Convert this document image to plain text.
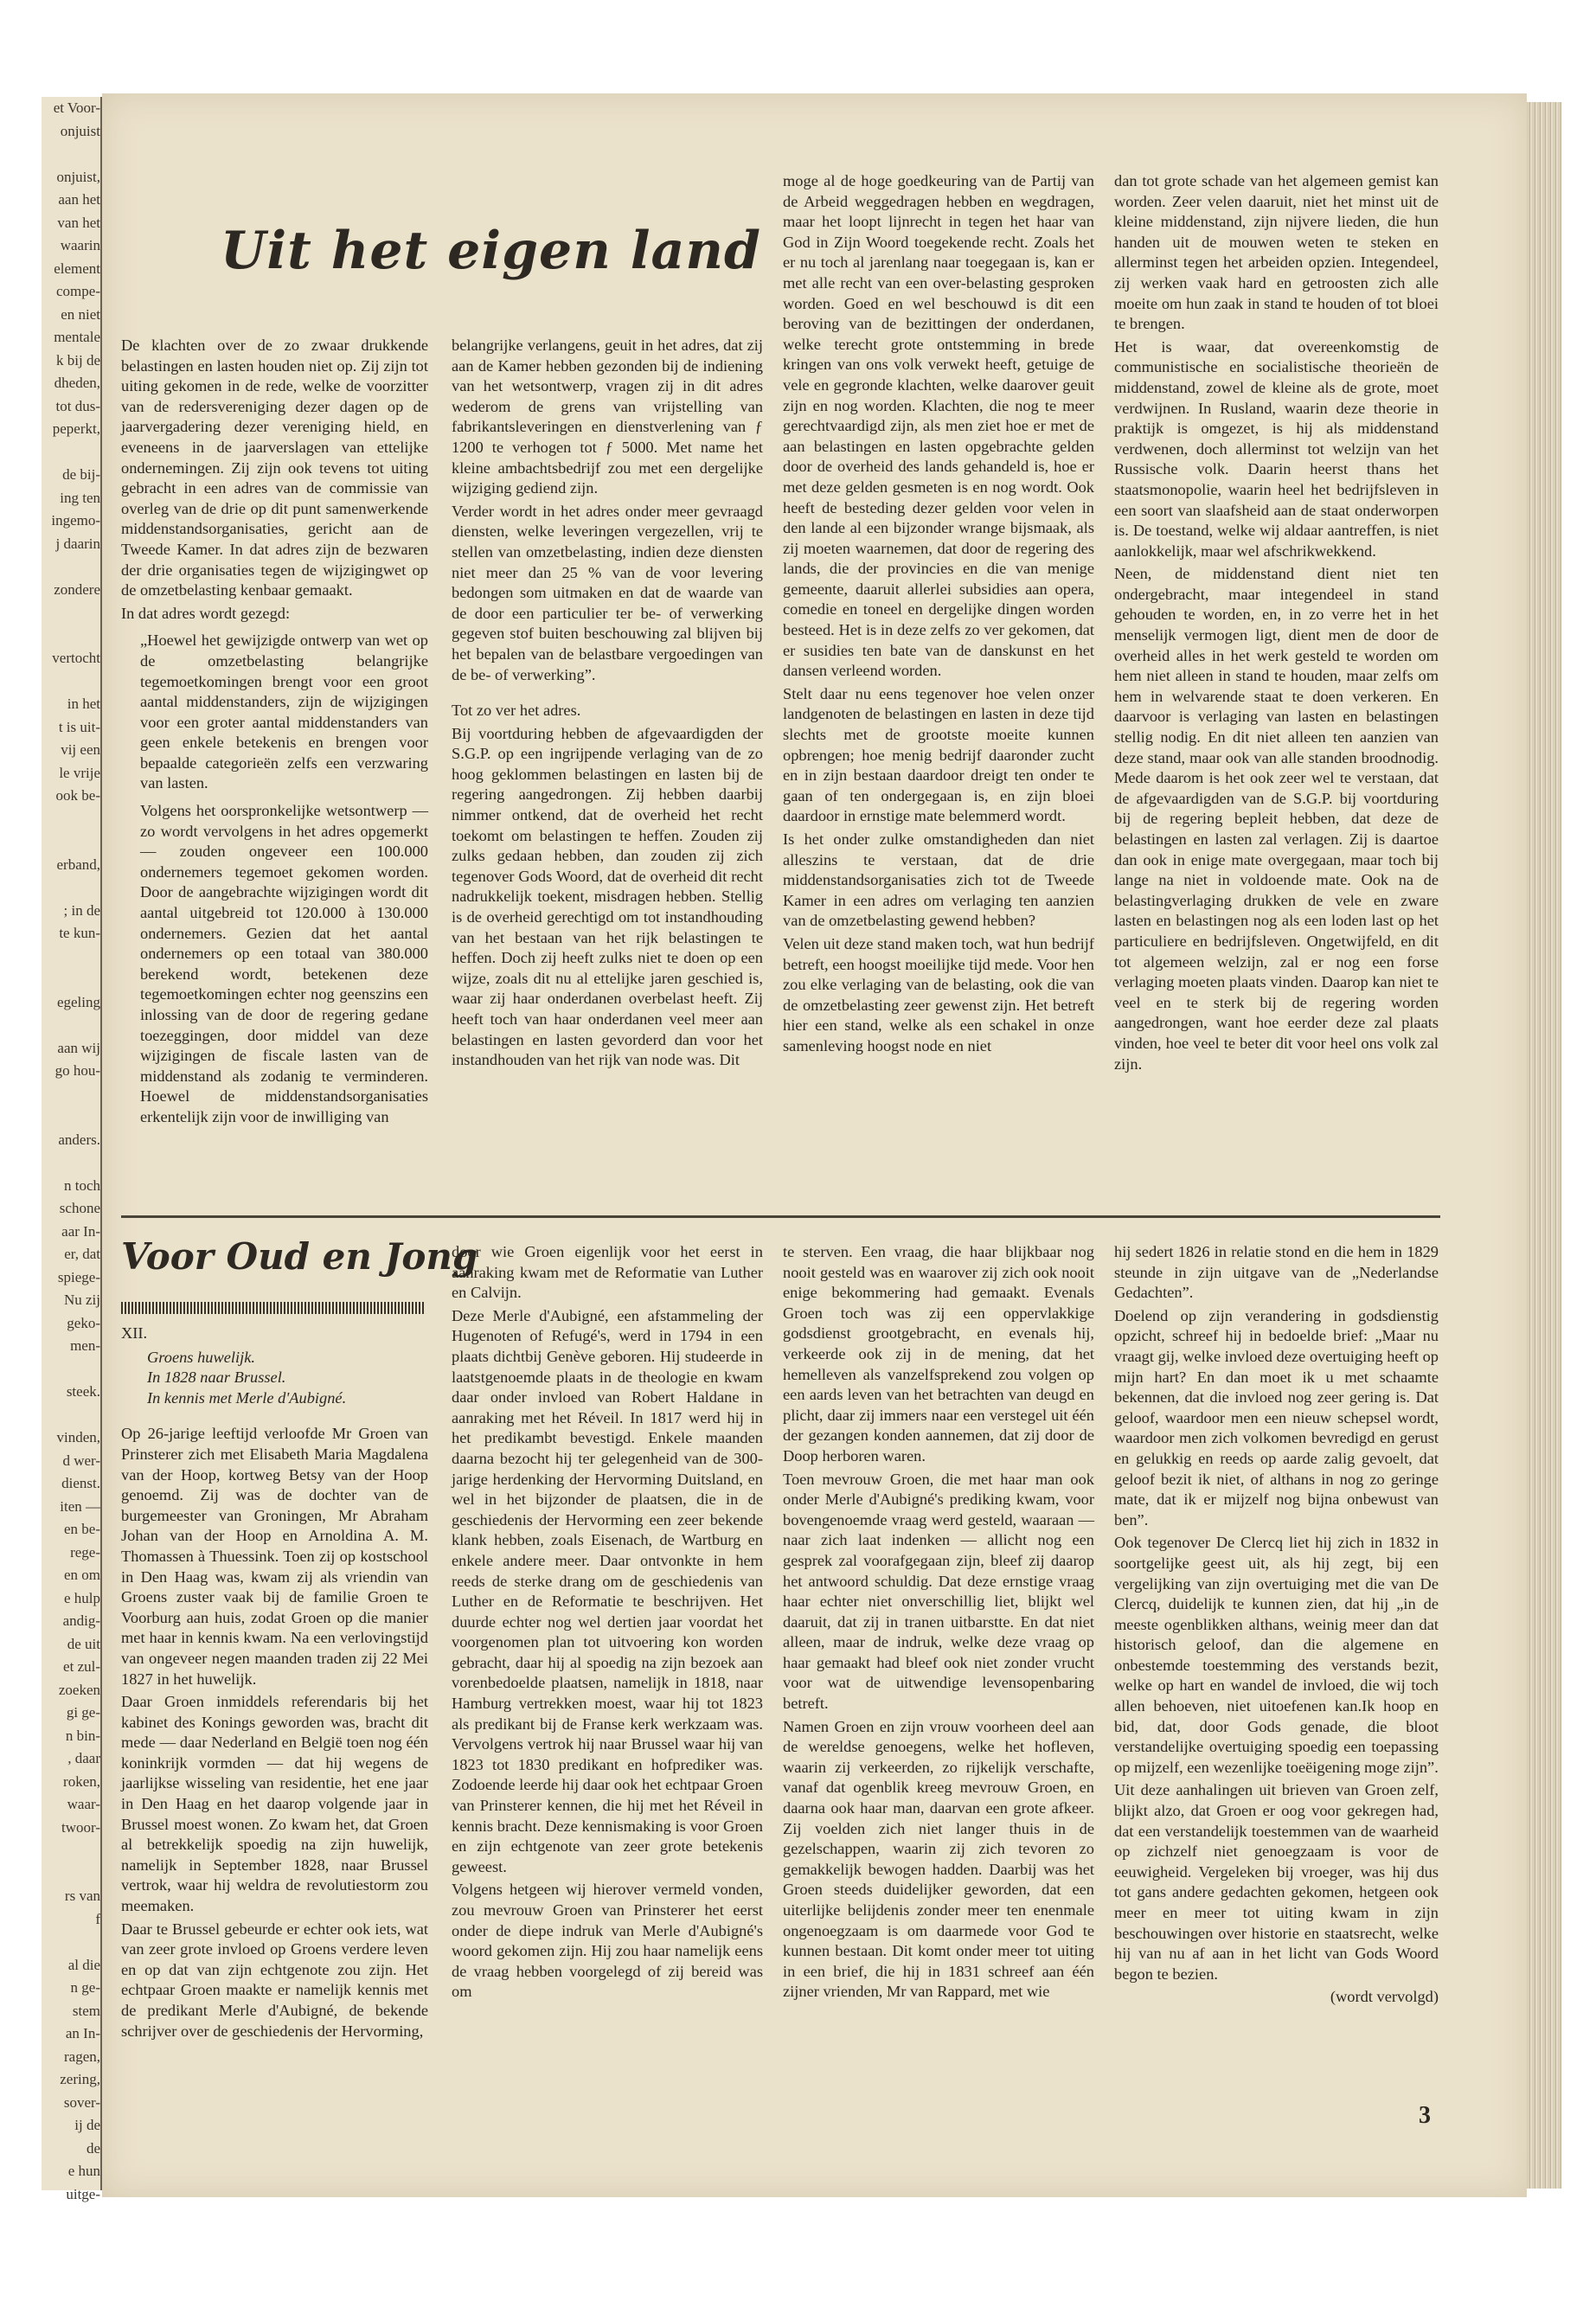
et Voor-
onjuist

onjuist,
aan het
van het
waarin
element
compe-
en niet
mentale
k bij de
dheden,
tot dus-
peperkt,

de bij-
ing ten
ingemo-
j daarin

zondere

vertocht

in het
t is uit-
vij een
le vrije
ook be-

erband,

; in de
te kun-

egeling

aan wij
go hou-

anders.

n toch
schone
aar In-
er, dat
spiege-
Nu zij
geko-
men-

steek.

vinden,
d wer-
dienst.
iten —
en be-
rege-
en om
e hulp
andig-
de uit
et zul-
zoeken
gi ge-
n bin-
, daar
roken,
waar-
twoor-

rs van
f

al die
n ge-
stem
an In-
ragen,
zering,
sover-
ij de
de
e hun
uitge-
Uit het eigen land

De klachten over de zo zwaar drukkende belastingen en lasten houden niet op. Zij zijn tot uiting gekomen in de rede, welke de voorzitter van de redersvereniging dezer dagen op de jaarvergadering dezer vereniging hield, en eveneens in de jaarverslagen van ettelijke ondernemingen. Zij zijn ook tevens tot uiting gebracht in een adres van de commissie van overleg van de drie op dit punt samenwerkende middenstandsorganisaties, gericht aan de Tweede Kamer. In dat adres zijn de bezwaren der drie organisaties tegen de wijzigingwet op de omzetbelasting kenbaar gemaakt.

In dat adres wordt gezegd:

„Hoewel het gewijzigde ontwerp van wet op de omzetbelasting belangrijke tegemoetkomingen brengt voor een groot aantal middenstanders, zijn de wijzigingen voor een groter aantal middenstanders van geen enkele betekenis en brengen voor bepaalde categorieën zelfs een verzwaring van lasten.

Volgens het oorspronkelijke wetsontwerp — zo wordt vervolgens in het adres opgemerkt — zouden ongeveer een 100.000 ondernemers tegemoet gekomen worden. Door de aangebrachte wijzigingen wordt dit aantal uitgebreid tot 120.000 à 130.000 ondernemers. Gezien dat het aantal ondernemers op een totaal van 380.000 berekend wordt, betekenen deze tegemoetkomingen echter nog geenszins een inlossing van de door de regering gedane toezeggingen, door middel van deze wijzigingen de fiscale lasten van de middenstand als zodanig te verminderen. Hoewel de middenstandsorganisaties erkentelijk zijn voor de inwilliging van

belangrijke verlangens, geuit in het adres, dat zij aan de Kamer hebben gezonden bij de indiening van het wetsontwerp, vragen zij in dit adres wederom de grens van vrijstelling van fabrikantsleveringen en dienstverlening van ƒ 1200 te verhogen tot ƒ 5000. Met name het kleine ambachtsbedrijf zou met een dergelijke wijziging gediend zijn.

Verder wordt in het adres onder meer gevraagd diensten, welke leveringen vergezellen, vrij te stellen van omzetbelasting, indien deze diensten niet meer dan 25 % van de voor levering bedongen som uitmaken en dat de waarde van de door een particulier ter be- of verwerking gegeven stof buiten beschouwing zal blijven bij het bepalen van de belastbare vergoedingen van de be- of verwerking”.

Tot zo ver het adres.

Bij voortduring hebben de afgevaardigden der S.G.P. op een ingrijpende verlaging van de zo hoog geklommen belastingen en lasten bij de regering aangedrongen. Zij hebben daarbij nimmer ontkend, dat de overheid het recht toekomt om belastingen te heffen. Zouden zij zulks gedaan hebben, dan zouden zij zich tegenover Gods Woord, dat de overheid dit recht nadrukkelijk toekent, misdragen hebben. Stellig is de overheid gerechtigd om tot instandhouding van het bestaan van het rijk belastingen te heffen. Doch zij heeft zulks niet te doen op een wijze, zoals dit nu al ettelijke jaren geschied is, waar zij haar onderdanen overbelast heeft. Zij heeft toch van haar onderdanen veel meer aan belastingen en lasten gevorderd dan voor het instandhouden van het rijk van node was. Dit

moge al de hoge goedkeuring van de Partij van de Arbeid weggedragen hebben en wegdragen, maar het loopt lijnrecht in tegen het haar van God in Zijn Woord toegekende recht. Zoals het er nu toch al jarenlang naar toegegaan is, kan er met alle recht van een over-belasting gesproken worden. Goed en wel beschouwd is dit een beroving van de bezittingen der onderdanen, welke terecht grote ontstemming in brede kringen van ons volk verwekt heeft, getuige de vele en gegronde klachten, welke daarover geuit zijn en nog worden. Klachten, die nog te meer gerechtvaardigd zijn, als men ziet hoe er met de aan belastingen en lasten opgebrachte gelden door de overheid des lands gehandeld is, hoe er met deze gelden gesmeten is en nog wordt. Ook heeft de besteding dezer gelden voor velen in den lande al een bijzonder wrange bijsmaak, als zij moeten waarnemen, dat door de regering des lands, die der provincies en die van menige gemeente, daaruit allerlei subsidies aan opera, comedie en toneel en dergelijke dingen worden besteed. Het is in deze zelfs zo ver gekomen, dat er susidies ten bate van de danskunst en het dansen verleend worden.

Stelt daar nu eens tegenover hoe velen onzer landgenoten de belastingen en lasten in deze tijd slechts met de grootste moeite kunnen opbrengen; hoe menig bedrijf daaronder zucht en in zijn bestaan daardoor dreigt ten onder te gaan of ten ondergegaan is, en zijn bloei daardoor in ernstige mate belemmerd wordt.

Is het onder zulke omstandigheden dan niet alleszins te verstaan, dat de drie middenstandsorganisaties zich tot de Tweede Kamer in een adres om verlaging ten aanzien van de omzetbelasting gewend hebben?

Velen uit deze stand maken toch, wat hun bedrijf betreft, een hoogst moeilijke tijd mede. Voor hen zou elke verlaging van de belasting, ook die van de omzetbelasting zeer gewenst zijn. Het betreft hier een stand, welke als een schakel in onze samenleving hoogst node en niet

dan tot grote schade van het algemeen gemist kan worden. Zeer velen daaruit, niet het minst uit de kleine middenstand, zijn nijvere lieden, die hun handen uit de mouwen weten te steken en allerminst tegen het arbeiden opzien. Integendeel, zij werken vaak hard en getroosten zich alle moeite om hun zaak in stand te houden of tot bloei te brengen.

Het is waar, dat overeenkomstig de communistische en socialistische theorieën de middenstand, zowel de kleine als de grote, moet verdwijnen. In Rusland, waarin deze theorie in praktijk is omgezet, is hij als middenstand verdwenen, doch allerminst tot welzijn van het Russische volk. Daarin heerst thans het staatsmonopolie, waarin heel het bedrijfsleven in een soort van slaafsheid aan de staat onderworpen is. De toestand, welke wij aldaar aantreffen, is niet aanlokkelijk, maar wel afschrikwekkend.

Neen, de middenstand dient niet ten ondergebracht, maar integendeel in stand gehouden te worden, en, in zo verre het in het menselijk vermogen ligt, dient men de door de overheid alles in het werk gesteld te worden om hem niet alleen in stand te houden, maar zelfs om hem in welvarende staat te doen verkeren. En daarvoor is verlaging van lasten en belastingen stellig nodig. En dit niet alleen ten aanzien van deze stand, maar ook van alle standen broodnodig. Mede daarom is het ook zeer wel te verstaan, dat de afgevaardigden van de S.G.P. bij voortduring bij de regering bepleit hebben, dat deze de belastingen en lasten zal verlagen. Zij is daartoe dan ook in enige mate overgegaan, maar toch bij lange na niet in voldoende mate. Ook na de belastingverlaging drukken de vele en zware lasten en belastingen nog als een loden last op het particuliere en bedrijfsleven. Ongetwijfeld, en dit tot algemeen welzijn, zal er nog een forse verlaging moeten plaats vinden. Daarop kan niet te veel en te sterk bij de regering worden aangedrongen, want hoe eerder deze zal plaats vinden, hoe veel te beter dit voor heel ons volk zal zijn.

Voor Oud en Jong

XII.

Groens huwelijk.
In 1828 naar Brussel.
In kennis met Merle d'Aubigné.

Op 26-jarige leeftijd verloofde Mr Groen van Prinsterer zich met Elisabeth Maria Magdalena van der Hoop, kortweg Betsy van der Hoop genoemd. Zij was de dochter van de burgemeester van Groningen, Mr Abraham Johan van der Hoop en Arnoldina A. M. Thomassen à Thuessink. Toen zij op kostschool in Den Haag was, kwam zij als vriendin van Groens zuster vaak bij de familie Groen te Voorburg aan huis, zodat Groen op die manier met haar in kennis kwam. Na een verlovingstijd van ongeveer negen maanden traden zij 22 Mei 1827 in het huwelijk.

Daar Groen inmiddels referendaris bij het kabinet des Konings geworden was, bracht dit mede — daar Nederland en België toen nog één koninkrijk vormden — dat hij wegens de jaarlijkse wisseling van residentie, het ene jaar in Den Haag en het daarop volgende jaar in Brussel moest wonen. Zo kwam het, dat Groen al betrekkelijk spoedig na zijn huwelijk, namelijk in September 1828, naar Brussel vertrok, waar hij weldra de revolutiestorm zou meemaken.

Daar te Brussel gebeurde er echter ook iets, wat van zeer grote invloed op Groens verdere leven en op dat van zijn echtgenote zou zijn. Het echtpaar Groen maakte er namelijk kennis met de predikant Merle d'Aubigné, de bekende schrijver over de geschiedenis der Hervorming,

door wie Groen eigenlijk voor het eerst in aanraking kwam met de Reformatie van Luther en Calvijn.

Deze Merle d'Aubigné, een afstammeling der Hugenoten of Refugé's, werd in 1794 in een plaats dichtbij Genève geboren. Hij studeerde in laatstgenoemde plaats in de theologie en kwam daar onder invloed van Robert Haldane in aanraking met het Réveil. In 1817 werd hij in het predikambt bevestigd. Enkele maanden daarna bezocht hij ter gelegenheid van de 300-jarige herdenking der Hervorming Duitsland, en wel in het bijzonder de plaatsen, die in de geschiedenis der Hervorming een zeer bekende klank hebben, zoals Eisenach, de Wartburg en enkele andere meer. Daar ontvonkte in hem reeds de sterke drang om de geschiedenis van Luther en de Reformatie te beschrijven. Het duurde echter nog wel dertien jaar voordat het voorgenomen plan tot uitvoering kon worden gebracht, daar hij al spoedig na zijn bezoek aan vorenbedoelde plaatsen, namelijk in 1818, naar Hamburg vertrekken moest, waar hij tot 1823 als predikant bij de Franse kerk werkzaam was. Vervolgens vertrok hij naar Brussel waar hij van 1823 tot 1830 predikant en hofprediker was. Zodoende leerde hij daar ook het echtpaar Groen van Prinsterer kennen, die hij met het Réveil in kennis bracht. Deze kennismaking is voor Groen en zijn echtgenote van zeer grote betekenis geweest.

Volgens hetgeen wij hierover vermeld vonden, zou mevrouw Groen van Prinsterer het eerst onder de diepe indruk van Merle d'Aubigné's woord gekomen zijn. Hij zou haar namelijk eens de vraag hebben voorgelegd of zij bereid was om

te sterven. Een vraag, die haar blijkbaar nog nooit gesteld was en waarover zij zich ook nooit enige bekommering had gemaakt. Evenals Groen toch was zij een oppervlakkige godsdienst grootgebracht, en evenals hij, verkeerde ook zij in de mening, dat het hemelleven als vanzelfsprekend zou volgen op een aards leven van het betrachten van deugd en plicht, daar zij immers naar een verstegel uit één der gezangen konden aannemen, dat zij door de Doop herboren waren.

Toen mevrouw Groen, die met haar man ook onder Merle d'Aubigné's prediking kwam, voor bovengenoemde vraag werd gesteld, waaraan — naar zich laat indenken — allicht nog een gesprek zal voorafgegaan zijn, bleef zij daarop het antwoord schuldig. Dat deze ernstige vraag haar echter niet onverschillig liet, blijkt wel daaruit, dat zij in tranen uitbarstte. En dat niet alleen, maar de indruk, welke deze vraag op haar gemaakt had bleef ook niet zonder vrucht voor wat de uitwendige levensopenbaring betreft.

Namen Groen en zijn vrouw voorheen deel aan de wereldse genoegens, welke het hofleven, waarin zij verkeerden, zo rijkelijk verschafte, vanaf dat ogenblik kreeg mevrouw Groen, en daarna ook haar man, daarvan een grote afkeer. Zij voelden zich niet langer thuis in de gezelschappen, waarin zij zich tevoren zo gemakkelijk bewogen hadden. Daarbij was het Groen steeds duidelijker geworden, dat een uiterlijke belijdenis zonder meer ten enenmale ongenoegzaam is om daarmede voor God te kunnen bestaan. Dit komt onder meer tot uiting in een brief, die hij in 1831 schreef aan één zijner vrienden, Mr van Rappard, met wie

hij sedert 1826 in relatie stond en die hem in 1829 steunde in zijn uitgave van de „Nederlandse Gedachten”.

Doelend op zijn verandering in godsdienstig opzicht, schreef hij in bedoelde brief: „Maar nu vraagt gij, welke invloed deze overtuiging heeft op mijn hart? En dan moet ik u met schaamte bekennen, dat die invloed nog zeer gering is. Dat geloof, waardoor men een nieuw schepsel wordt, waardoor men zich volkomen bevredigd en gerust en gelukkig en reeds op aarde zalig gevoelt, dat geloof bezit ik niet, of althans in nog zo geringe mate, dat ik er mijzelf nog bijna onbewust van ben”.

Ook tegenover De Clercq liet hij zich in 1832 in soortgelijke geest uit, als hij zegt, bij een vergelijking van zijn overtuiging met die van De Clercq, duidelijk te kunnen zien, dat hij „in de meeste ogenblikken althans, weinig meer dan dat historisch geloof, dan die algemene en onbestemde toestemming des verstands bezit, welke op hart en wandel de invloed, die wij toch allen behoeven, niet uitoefenen kan.Ik hoop en bid, dat, door Gods genade, die bloot verstandelijke overtuiging spoedig een toepassing op mijzelf, een wezenlijke toeëigening moge zijn”.

Uit deze aanhalingen uit brieven van Groen zelf, blijkt alzo, dat Groen er oog voor gekregen had, dat een verstandelijk toestemmen van de waarheid op zichzelf niet genoegzaam is voor de eeuwigheid. Vergeleken bij vroeger, was hij dus tot gans andere gedachten gekomen, hetgeen ook meer en meer tot uiting kwam in zijn beschouwingen over historie en staatsrecht, welke hij van nu af aan in het licht van Gods Woord begon te bezien.

(wordt vervolgd)

3
